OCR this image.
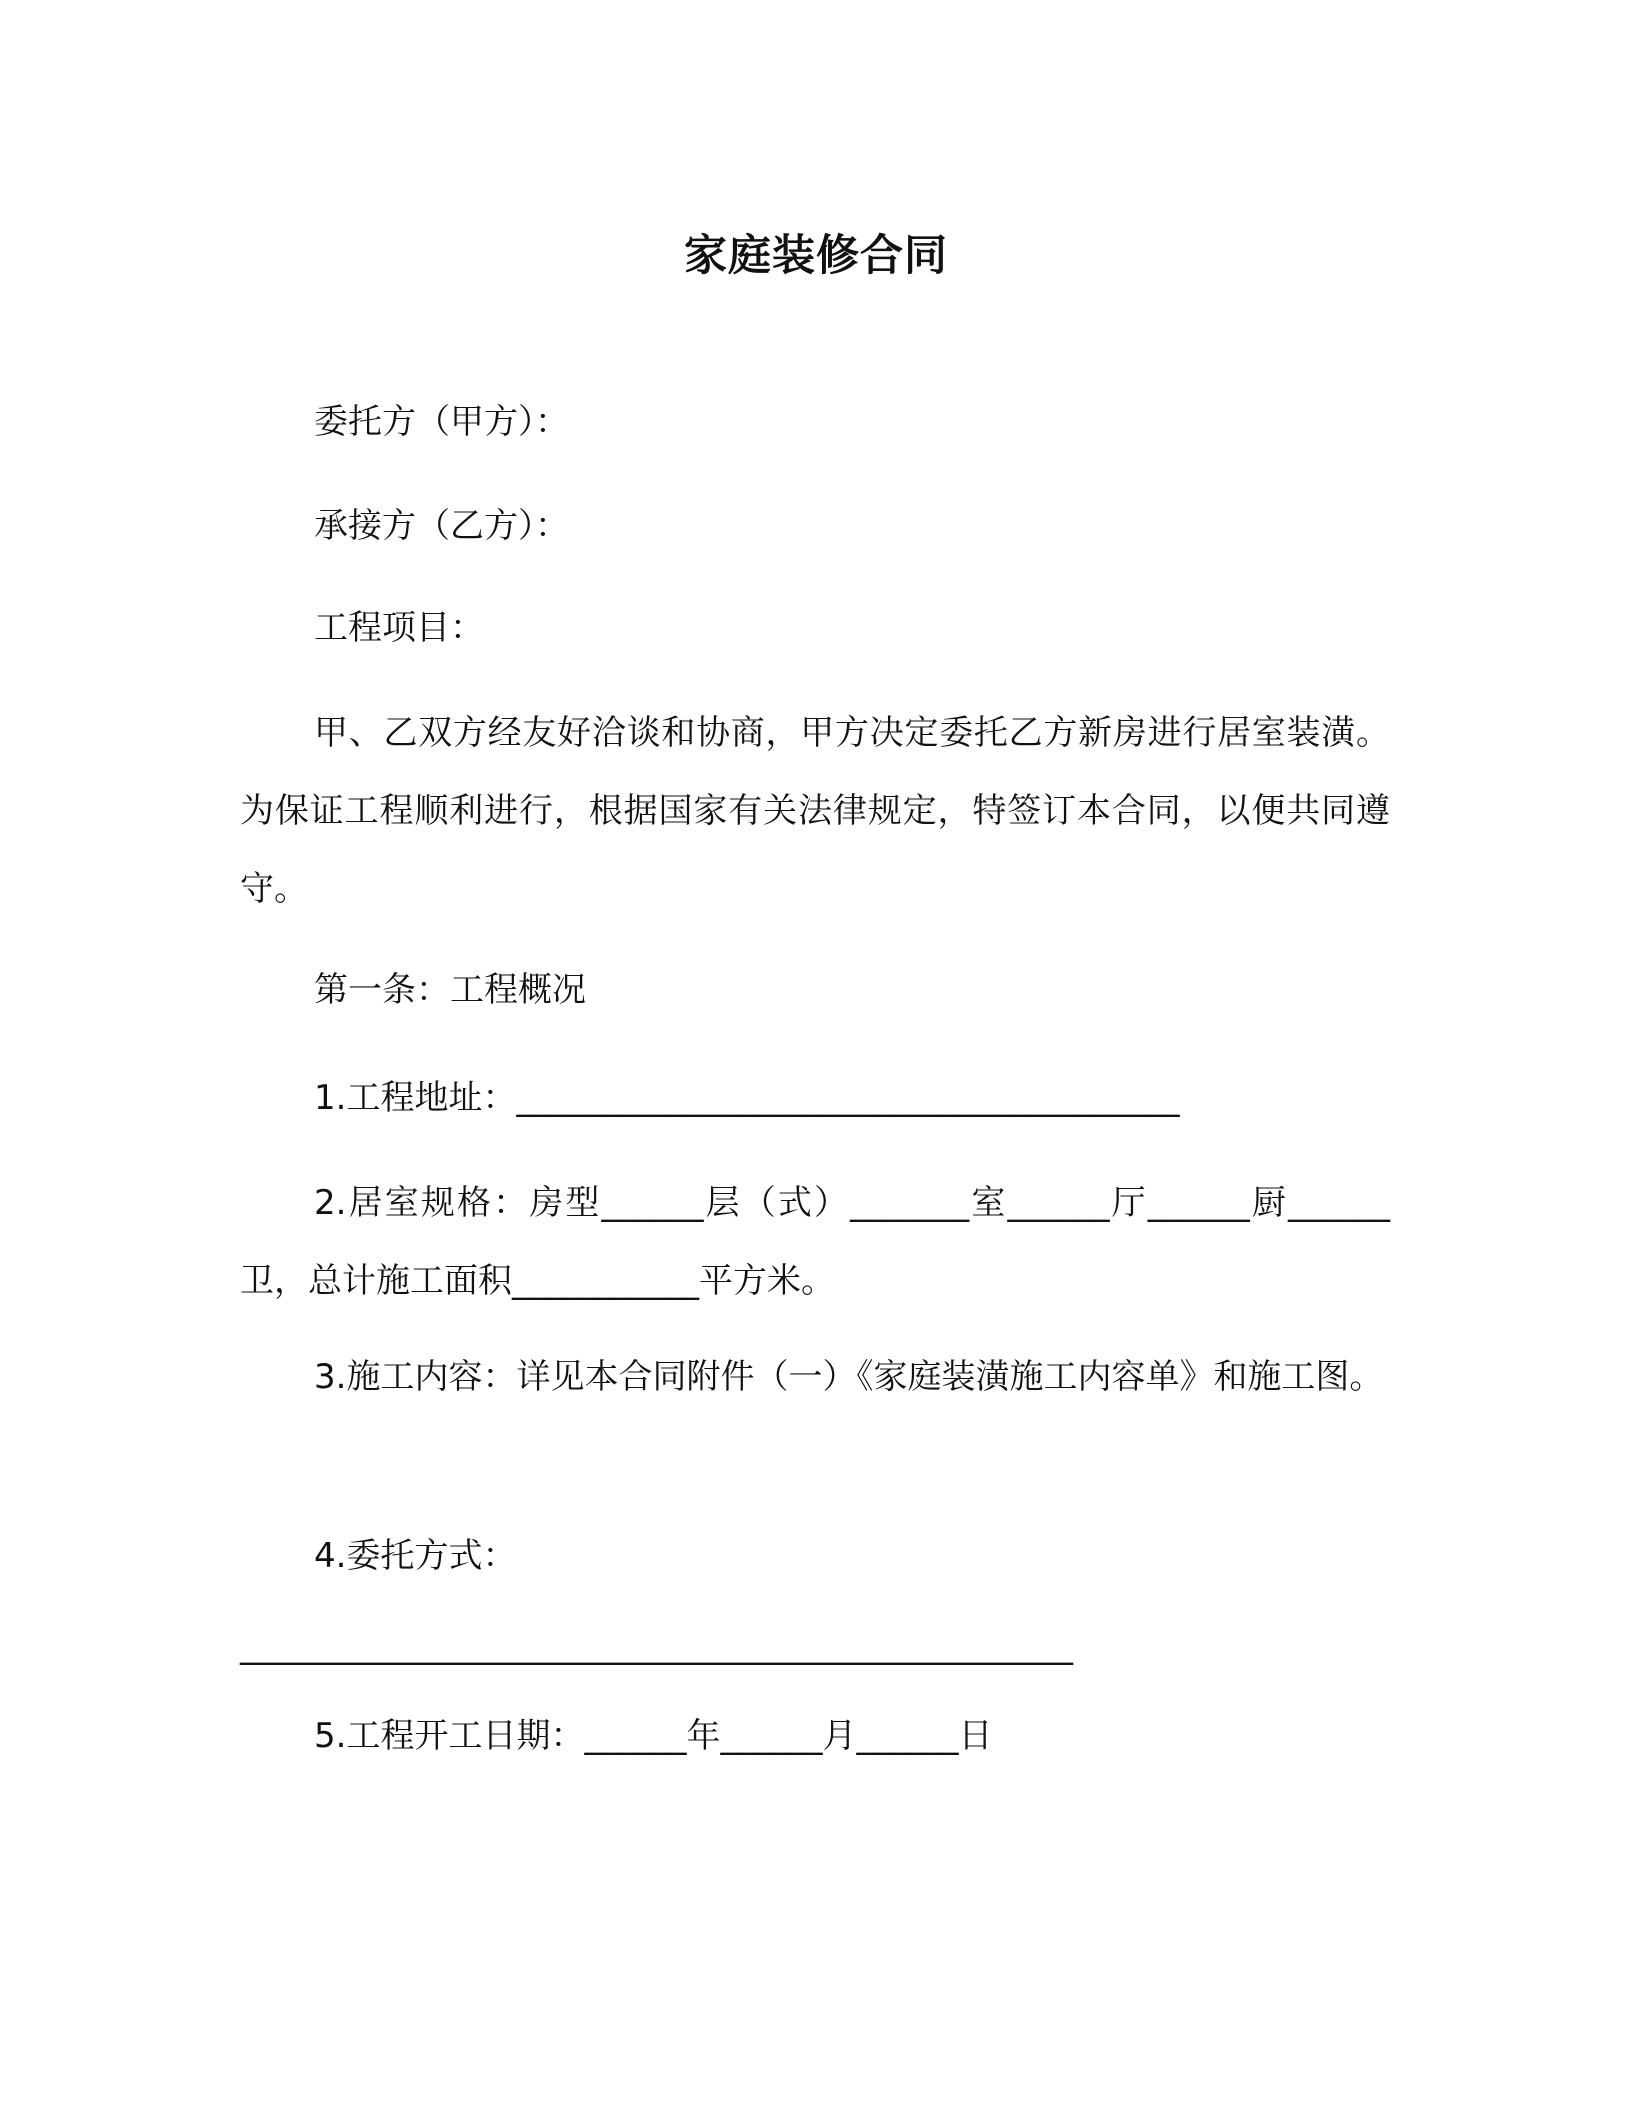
家庭装修合同

委托方（甲方）：

承接方（乙方）：

工程项目：

甲、乙双方经友好洽谈和协商，甲方决定委托乙方新房进行居室装潢。为保证工程顺利进行，根据国家有关法律规定，特签订本合同，以便共同遵守。

第一条：工程概况

1.工程地址：_______________________________________

2.居室规格：房型______层（式）_______室______厅______厨______卫，总计施工面积___________平方米。

3.施工内容：详见本合同附件（一）《家庭装潢施工内容单》和施工图。

4.委托方式：

_________________________________________________

5.工程开工日期：______年______月______日
